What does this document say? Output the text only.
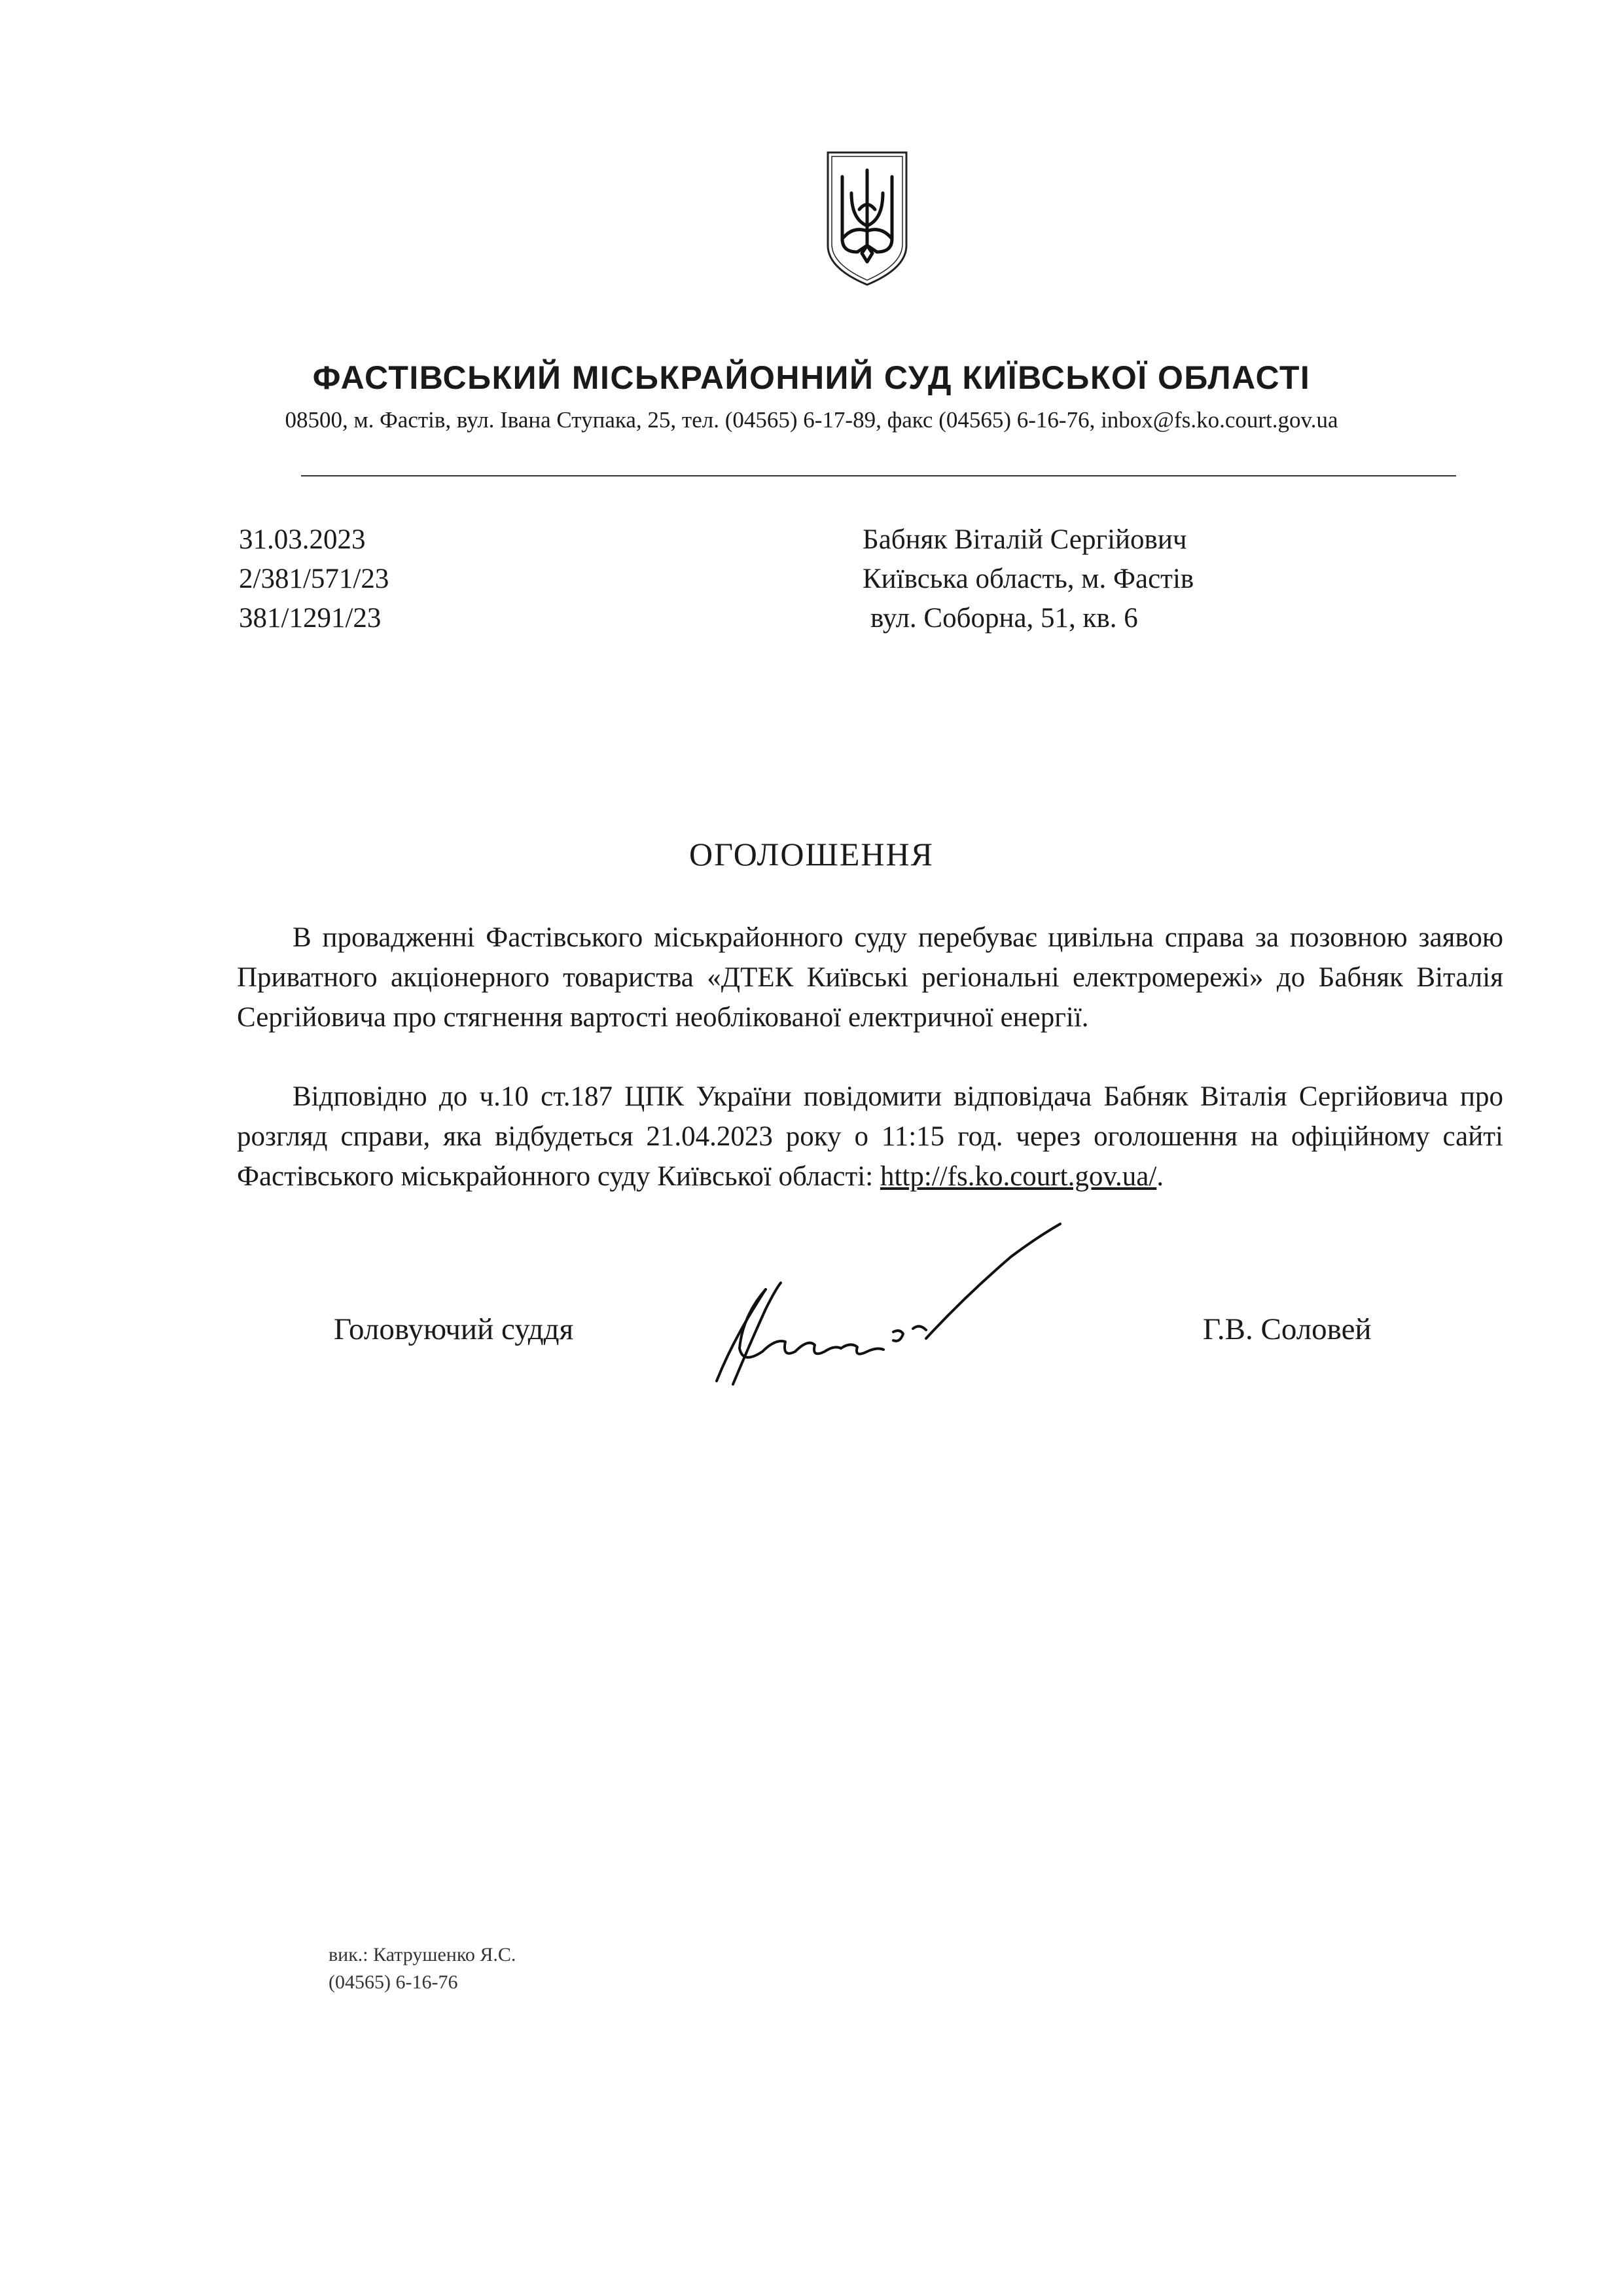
ФАСТІВСЬКИЙ МІСЬКРАЙОННИЙ СУД КИЇВСЬКОЇ ОБЛАСТІ
08500, м. Фастів, вул. Івана Ступака, 25, тел. (04565) 6-17-89, факс (04565) 6-16-76, inbox@fs.ko.court.gov.ua
31.03.2023
2/381/571/23
381/1291/23
Бабняк Віталій Сергійович
Київська область, м. Фастів
вул. Соборна, 51, кв. 6
ОГОЛОШЕННЯ

В провадженні Фастівського міськрайонного суду перебуває цивільна справа за позовною заявою Приватного акціонерного товариства «ДТЕК Київські регіональні електромережі» до Бабняк Віталія Сергійовича про стягнення вартості необлікованої електричної енергії.

Відповідно до ч.10 ст.187 ЦПК України повідомити відповідача Бабняк Віталія Сергійовича про розгляд справи, яка відбудеться 21.04.2023 року о 11:15 год. через оголошення на офіційному сайті Фастівського міськрайонного суду Київської області: http://fs.ko.court.gov.ua/.

Головуючий суддя	Г.В. Соловей
вик.: Катрушенко Я.С.
(04565) 6-16-76
